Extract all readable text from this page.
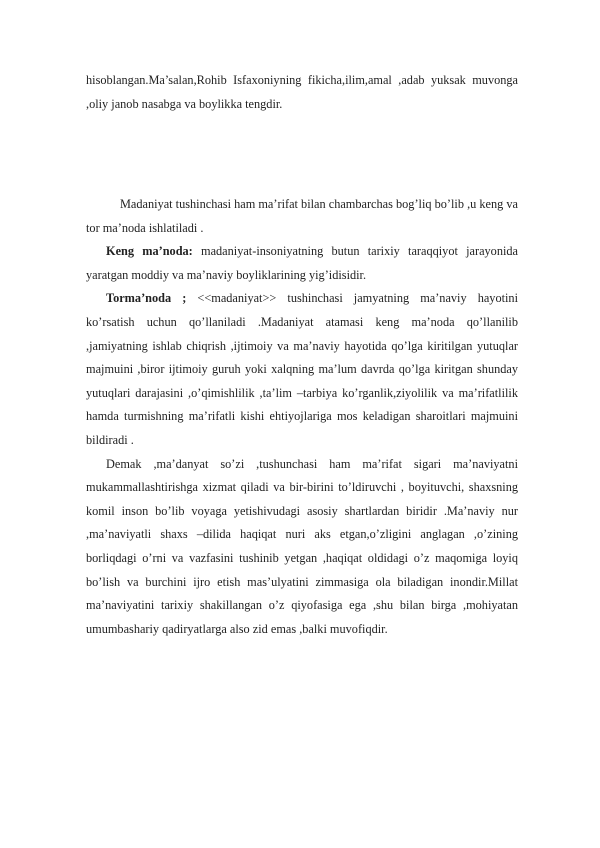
hisoblangan.Ma’salan,Rohib Isfaxoniyning fikicha,ilim,amal ,adab yuksak muvonga ,oliy janob nasabga va boylikka tengdir.

Madaniyat tushinchasi ham ma’rifat bilan chambarchas bog’liq bo’lib ,u keng va tor ma’noda ishlatiladi .

Keng ma’noda: madaniyat-insoniyatning butun tarixiy taraqqiyot jarayonida yaratgan moddiy va ma’naviy boyliklarining yig’idisidir.

Torma’noda ; <<madaniyat>> tushinchasi jamyatning ma’naviy hayotini ko’rsatish uchun qo’llaniladi .Madaniyat atamasi keng ma’noda qo’llanilib ,jamiyatning ishlab chiqrish ,ijtimoiy va ma’naviy hayotida qo’lga kiritilgan yutuqlar majmuini ,biror ijtimoiy guruh yoki xalqning ma’lum davrda qo’lga kiritgan shunday yutuqlari darajasini ,o’qimishlilik ,ta’lim –tarbiya ko’rganlik,ziyolilik va ma’rifatlilik hamda turmishning ma’rifatli kishi ehtiyojlariga mos keladigan sharoitlari majmuini bildiradi .

Demak ,ma’danyat so’zi ,tushunchasi ham ma’rifat sigari ma’naviyatni mukammallashtirishga xizmat qiladi va bir-birini to’ldiruvchi , boyituvchi, shaxsning komil inson bo’lib voyaga yetishivudagi asosiy shartlardan biridir .Ma’naviy nur ,ma’naviyatli shaxs –dilida haqiqat nuri aks etgan,o’zligini anglagan ,o’zining borliqdagi o’rni va vazfasini tushinib yetgan ,haqiqat oldidagi o’z maqomiga loyiq bo’lish va burchini ijro etish mas’ulyatini zimmasiga ola biladigan inondir.Millat ma’naviyatini tarixiy shakillangan o’z qiyofasiga ega ,shu bilan birga ,mohiyatan umumbashariy qadiryatlarga also zid emas ,balki muvofiqdir.
